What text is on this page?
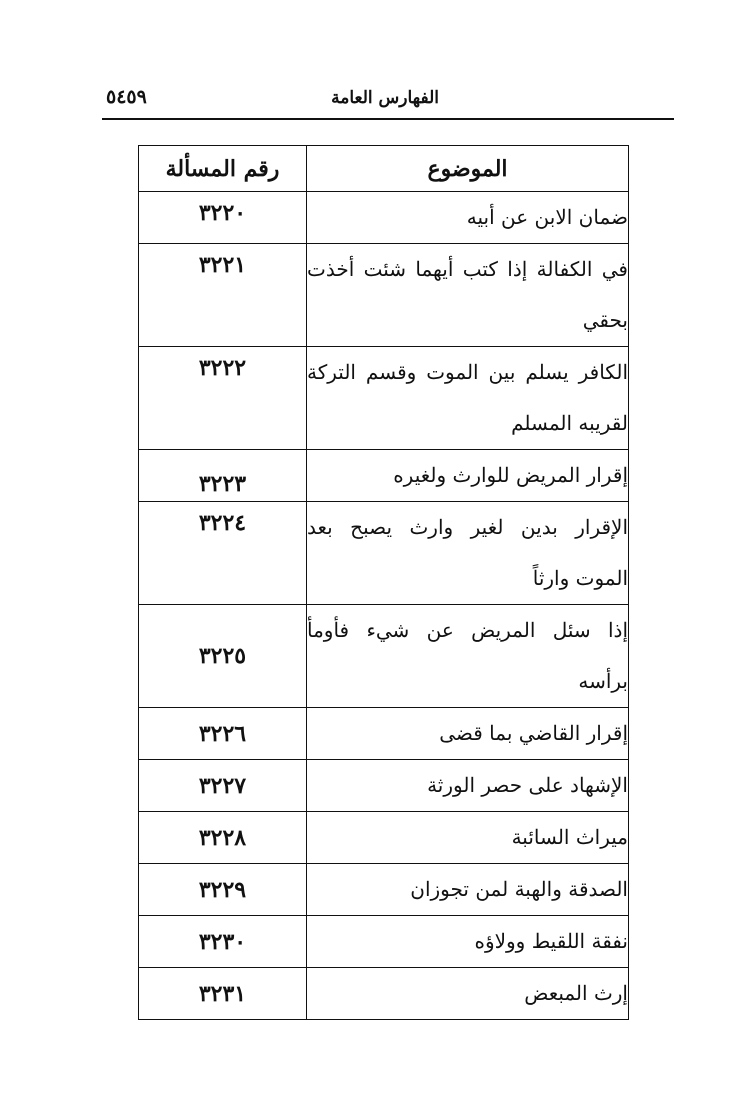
الفهارس العامة
٥٤٥٩
الموضوع	رقم المسألة
ضمان الابن عن أبيه	٣٢٢٠
في الكفالة إذا كتب أيهما شئت أخذت بحقي	٣٢٢١
الكافر يسلم بين الموت وقسم التركة لقريبه المسلم	٣٢٢٢
إقرار المريض للوارث ولغيره	٣٢٢٣
الإقرار بدين لغير وارث يصبح بعد الموت وارثاً	٣٢٢٤
إذا سئل المريض عن شيء فأومأ برأسه	٣٢٢٥
إقرار القاضي بما قضى	٣٢٢٦
الإشهاد على حصر الورثة	٣٢٢٧
ميراث السائبة	٣٢٢٨
الصدقة والهبة لمن تجوزان	٣٢٢٩
نفقة اللقيط وولاؤه	٣٢٣٠
إرث المبعض	٣٢٣١
